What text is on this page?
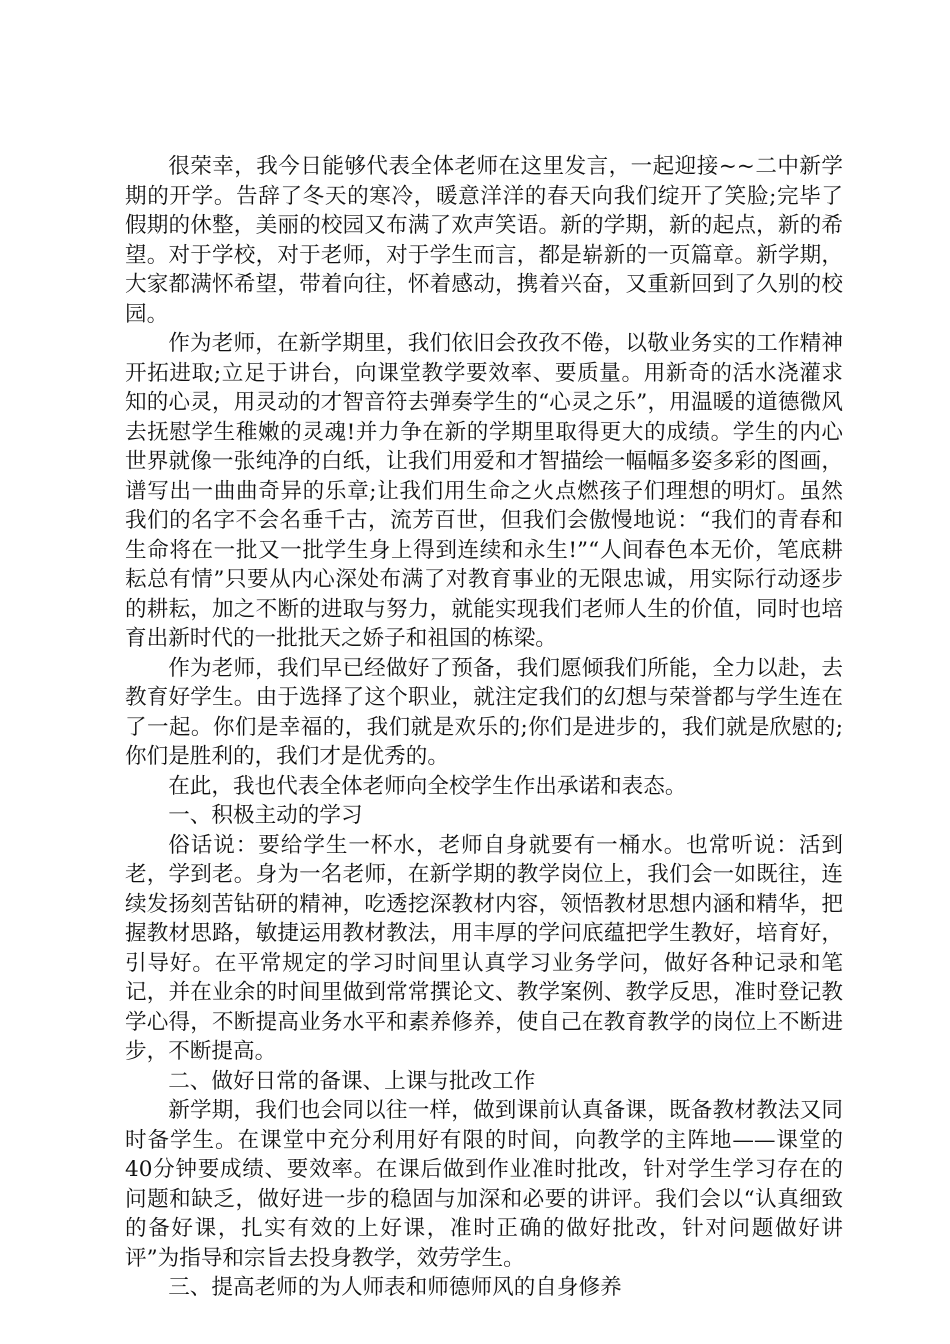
很荣幸，我今日能够代表全体老师在这里发言，一起迎接~~二中新学期的开学。告辞了冬天的寒冷，暖意洋洋的春天向我们绽开了笑脸;完毕了假期的休整，美丽的校园又布满了欢声笑语。新的学期，新的起点，新的希望。对于学校，对于老师，对于学生而言，都是崭新的一页篇章。新学期，大家都满怀希望，带着向往，怀着感动，携着兴奋，又重新回到了久别的校园。

作为老师，在新学期里，我们依旧会孜孜不倦，以敬业务实的工作精神开拓进取;立足于讲台，向课堂教学要效率、要质量。用新奇的活水浇灌求知的心灵，用灵动的才智音符去弹奏学生的“心灵之乐”，用温暖的道德微风去抚慰学生稚嫩的灵魂!并力争在新的学期里取得更大的成绩。学生的内心世界就像一张纯净的白纸，让我们用爱和才智描绘一幅幅多姿多彩的图画，谱写出一曲曲奇异的乐章;让我们用生命之火点燃孩子们理想的明灯。虽然我们的名字不会名垂千古，流芳百世，但我们会傲慢地说：“我们的青春和生命将在一批又一批学生身上得到连续和永生!”“人间春色本无价，笔底耕耘总有情”只要从内心深处布满了对教育事业的无限忠诚，用实际行动逐步的耕耘，加之不断的进取与努力，就能实现我们老师人生的价值，同时也培育出新时代的一批批天之娇子和祖国的栋梁。

作为老师，我们早已经做好了预备，我们愿倾我们所能，全力以赴，去教育好学生。由于选择了这个职业，就注定我们的幻想与荣誉都与学生连在了一起。你们是幸福的，我们就是欢乐的;你们是进步的，我们就是欣慰的;你们是胜利的，我们才是优秀的。

在此，我也代表全体老师向全校学生作出承诺和表态。

一、积极主动的学习

俗话说：要给学生一杯水，老师自身就要有一桶水。也常听说：活到老，学到老。身为一名老师，在新学期的教学岗位上，我们会一如既往，连续发扬刻苦钻研的精神，吃透挖深教材内容，领悟教材思想内涵和精华，把握教材思路，敏捷运用教材教法，用丰厚的学问底蕴把学生教好，培育好，引导好。在平常规定的学习时间里认真学习业务学问，做好各种记录和笔记，并在业余的时间里做到常常撰论文、教学案例、教学反思，准时登记教学心得，不断提高业务水平和素养修养，使自己在教育教学的岗位上不断进步，不断提高。

二、做好日常的备课、上课与批改工作

新学期，我们也会同以往一样，做到课前认真备课，既备教材教法又同时备学生。在课堂中充分利用好有限的时间，向教学的主阵地——课堂的40分钟要成绩、要效率。在课后做到作业准时批改，针对学生学习存在的问题和缺乏，做好进一步的稳固与加深和必要的讲评。我们会以“认真细致的备好课，扎实有效的上好课，准时正确的做好批改，针对问题做好讲评”为指导和宗旨去投身教学，效劳学生。

三、提高老师的为人师表和师德师风的自身修养
